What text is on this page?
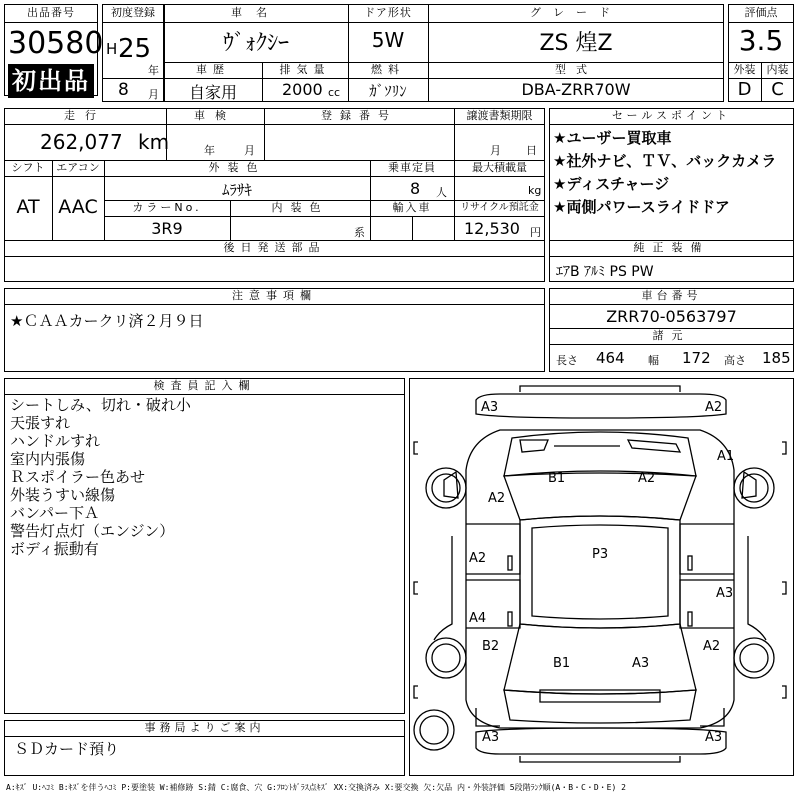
出品番号
30580
初出品
初度登録
H 25
年
8 月
車名
ｳﾞｫｸｼｰ
ドア形状
5W
グレード
ZS 煌Z
車歴
自家用
排気量
2000 cc
燃料
ｶﾞｿﾘﾝ
型式
DBA-ZRR70W
評価点
3.5
外装	内装
D	C
走行
262,077 km
車検
年	月
登録番号	譲渡書類期限
月 日
シフト
AT
エアコン
AAC
外装色
ﾑﾗｻｷ
乗車定員
8 人
最大積載量
kg
カラーNo.
3R9
内装色
系
輸入車	リサイクル預託金
12,530 円
後日発送部品
セールスポイント
★ユーザー買取車
★社外ナビ、ＴＶ、バックカメラ
★ディスチャージ
★両側パワースライドドア
純正装備
ｴｱB ｱﾙﾐ PS PW
注意事項欄
★ＣＡＡカークリ済２月９日
車台番号
ZRR70-0563797
諸元
長さ 464 幅 172 高さ 185
検査員記入欄
シートしみ、切れ・破れ小
天張すれ
ハンドルすれ
室内内張傷
Ｒスポイラー色あせ
外装うすい線傷
バンパー下Ａ
警告灯点灯（エンジン）
ボディ振動有
事務局よりご案内
ＳＤカード預り
A3	A2
A1
B1	A2
A2
P3
A2
A3
A4
B2	A2
B1	A3
A3	A3
A:ｷｽﾞ U:ﾍｺﾐ B:ｷｽﾞを伴うﾍｺﾐ P:要塗装 W:補修跡 S:錆 C:腐食、穴 G:ﾌﾛﾝﾄｶﾞﾗｽ点ｷｽﾞ XX:交換済み X:要交換 欠:欠品 内・外装評価 5段階ﾗﾝｸ順(A・B・C・D・E) 2
